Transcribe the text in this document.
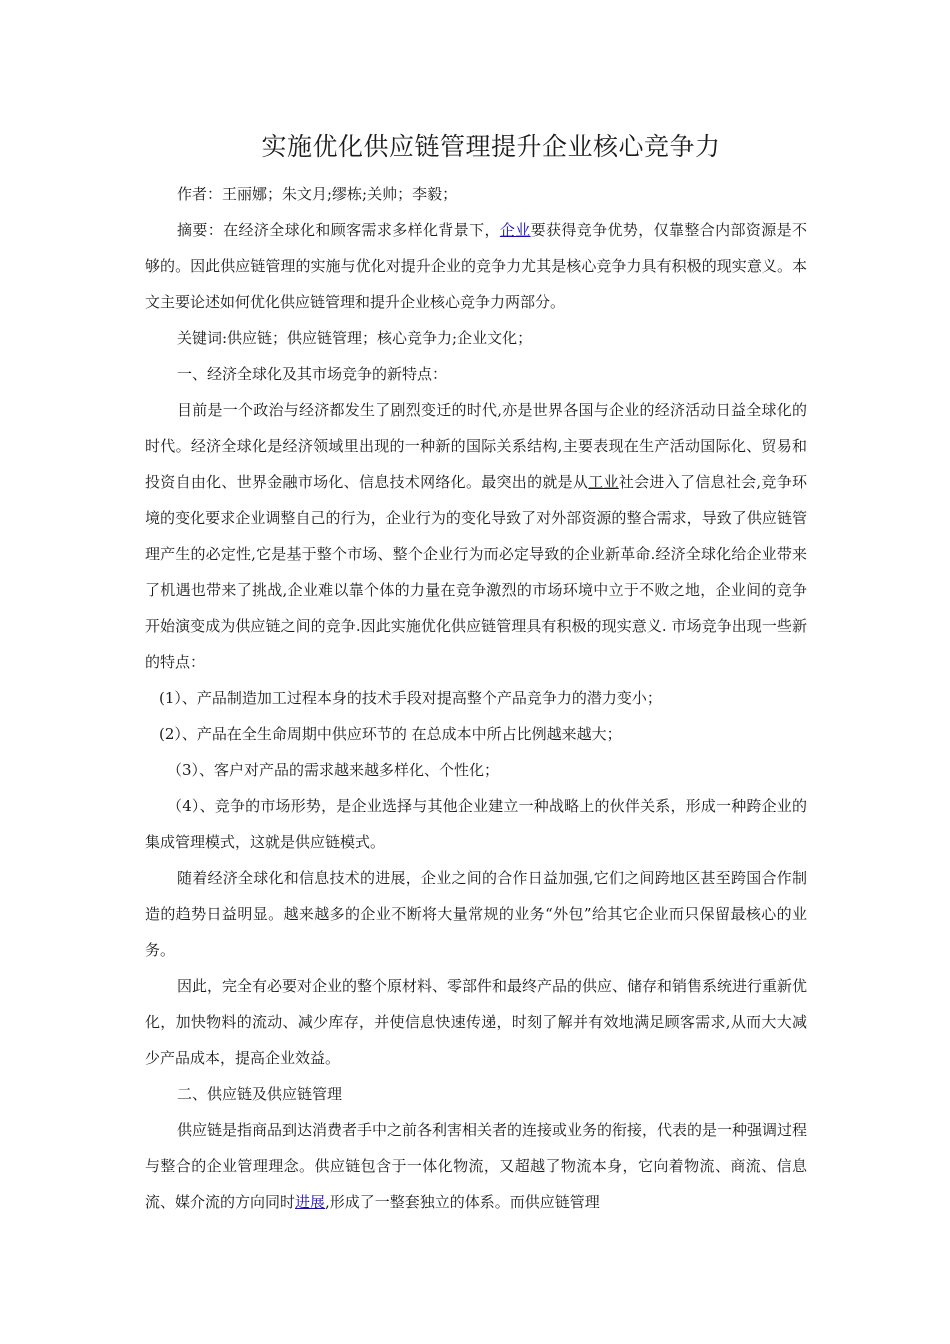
实施优化供应链管理提升企业核心竞争力

作者：王丽娜；朱文月;缪栋;关帅；李毅；

摘要：在经济全球化和顾客需求多样化背景下，企业要获得竞争优势，仅靠整合内部资源是不够的。因此供应链管理的实施与优化对提升企业的竞争力尤其是核心竞争力具有积极的现实意义。本文主要论述如何优化供应链管理和提升企业核心竞争力两部分。

关键词:供应链；供应链管理；核心竞争力;企业文化；

一、经济全球化及其市场竞争的新特点：

目前是一个政治与经济都发生了剧烈变迁的时代,亦是世界各国与企业的经济活动日益全球化的时代。经济全球化是经济领域里出现的一种新的国际关系结构,主要表现在生产活动国际化、贸易和投资自由化、世界金融市场化、信息技术网络化。最突出的就是从工业社会进入了信息社会,竞争环境的变化要求企业调整自己的行为，企业行为的变化导致了对外部资源的整合需求，导致了供应链管理产生的必定性,它是基于整个市场、整个企业行为而必定导致的企业新革命.经济全球化给企业带来了机遇也带来了挑战,企业难以靠个体的力量在竞争激烈的市场环境中立于不败之地，企业间的竞争开始演变成为供应链之间的竞争.因此实施优化供应链管理具有积极的现实意义. 市场竞争出现一些新的特点：

(1）、产品制造加工过程本身的技术手段对提高整个产品竞争力的潜力变小；

(2）、产品在全生命周期中供应环节的 在总成本中所占比例越来越大；

（3）、客户对产品的需求越来越多样化、个性化；

（4）、竞争的市场形势，是企业选择与其他企业建立一种战略上的伙伴关系，形成一种跨企业的集成管理模式，这就是供应链模式。

随着经济全球化和信息技术的进展，企业之间的合作日益加强,它们之间跨地区甚至跨国合作制造的趋势日益明显。越来越多的企业不断将大量常规的业务“外包”给其它企业而只保留最核心的业务。

因此，完全有必要对企业的整个原材料、零部件和最终产品的供应、储存和销售系统进行重新优化，加快物料的流动、减少库存，并使信息快速传递，时刻了解并有效地满足顾客需求,从而大大减少产品成本，提高企业效益。

二、供应链及供应链管理

供应链是指商品到达消费者手中之前各利害相关者的连接或业务的衔接，代表的是一种强调过程与整合的企业管理理念。供应链包含于一体化物流，又超越了物流本身，它向着物流、商流、信息流、媒介流的方向同时进展,形成了一整套独立的体系。而供应链管理
